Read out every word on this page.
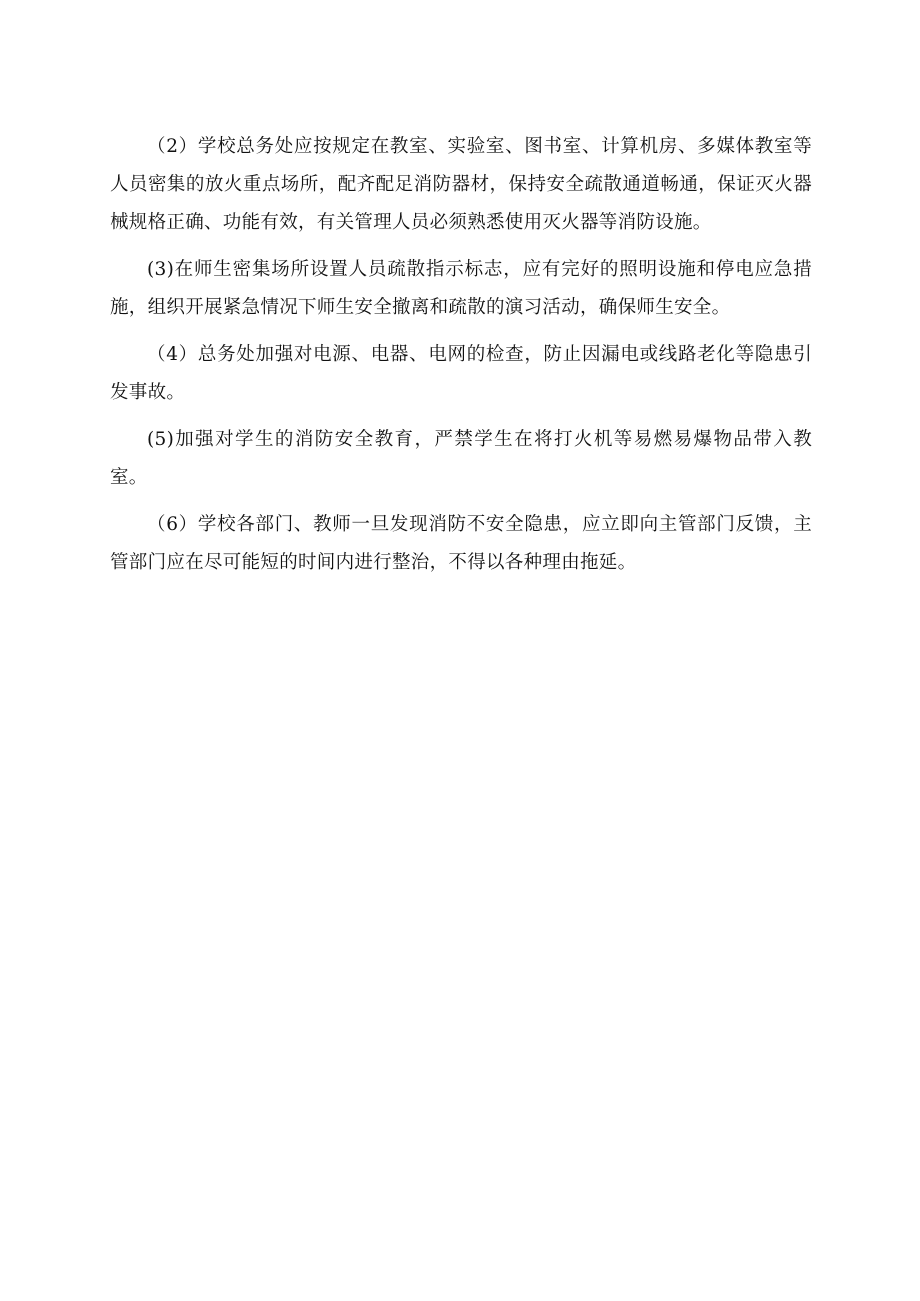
（2）学校总务处应按规定在教室、实验室、图书室、计算机房、多媒体教室等人员密集的放火重点场所，配齐配足消防器材，保持安全疏散通道畅通，保证灭火器械规格正确、功能有效，有关管理人员必须熟悉使用灭火器等消防设施。

(3)在师生密集场所设置人员疏散指示标志，应有完好的照明设施和停电应急措施，组织开展紧急情况下师生安全撤离和疏散的演习活动，确保师生安全。

（4）总务处加强对电源、电器、电网的检查，防止因漏电或线路老化等隐患引发事故。

(5)加强对学生的消防安全教育，严禁学生在将打火机等易燃易爆物品带入教室。

（6）学校各部门、教师一旦发现消防不安全隐患，应立即向主管部门反馈，主管部门应在尽可能短的时间内进行整治，不得以各种理由拖延。
